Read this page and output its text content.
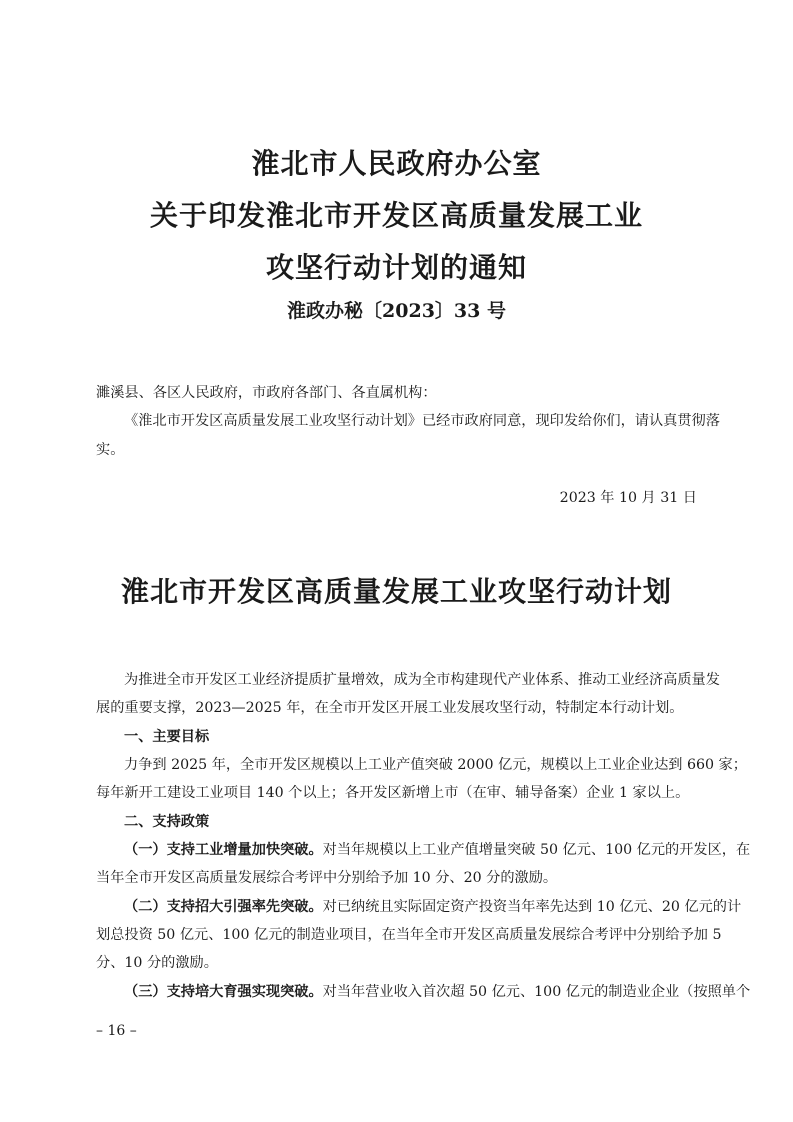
淮北市人民政府办公室
关于印发淮北市开发区高质量发展工业
攻坚行动计划的通知
淮政办秘〔2023〕33 号
濉溪县、各区人民政府，市政府各部门、各直属机构：
《淮北市开发区高质量发展工业攻坚行动计划》已经市政府同意，现印发给你们，请认真贯彻落
实。
2023 年 10 月 31 日
淮北市开发区高质量发展工业攻坚行动计划
为推进全市开发区工业经济提质扩量增效，成为全市构建现代产业体系、推动工业经济高质量发
展的重要支撑，2023—2025 年，在全市开发区开展工业发展攻坚行动，特制定本行动计划。
一、主要目标
力争到 2025 年，全市开发区规模以上工业产值突破 2000 亿元，规模以上工业企业达到 660 家；
每年新开工建设工业项目 140 个以上；各开发区新增上市（在审、辅导备案）企业 1 家以上。
二、支持政策
（一）支持工业增量加快突破。对当年规模以上工业产值增量突破 50 亿元、100 亿元的开发区，在
当年全市开发区高质量发展综合考评中分别给予加 10 分、20 分的激励。
（二）支持招大引强率先突破。对已纳统且实际固定资产投资当年率先达到 10 亿元、20 亿元的计
划总投资 50 亿元、100 亿元的制造业项目，在当年全市开发区高质量发展综合考评中分别给予加 5
分、10 分的激励。
（三）支持培大育强实现突破。对当年营业收入首次超 50 亿元、100 亿元的制造业企业（按照单个
– 16 –
